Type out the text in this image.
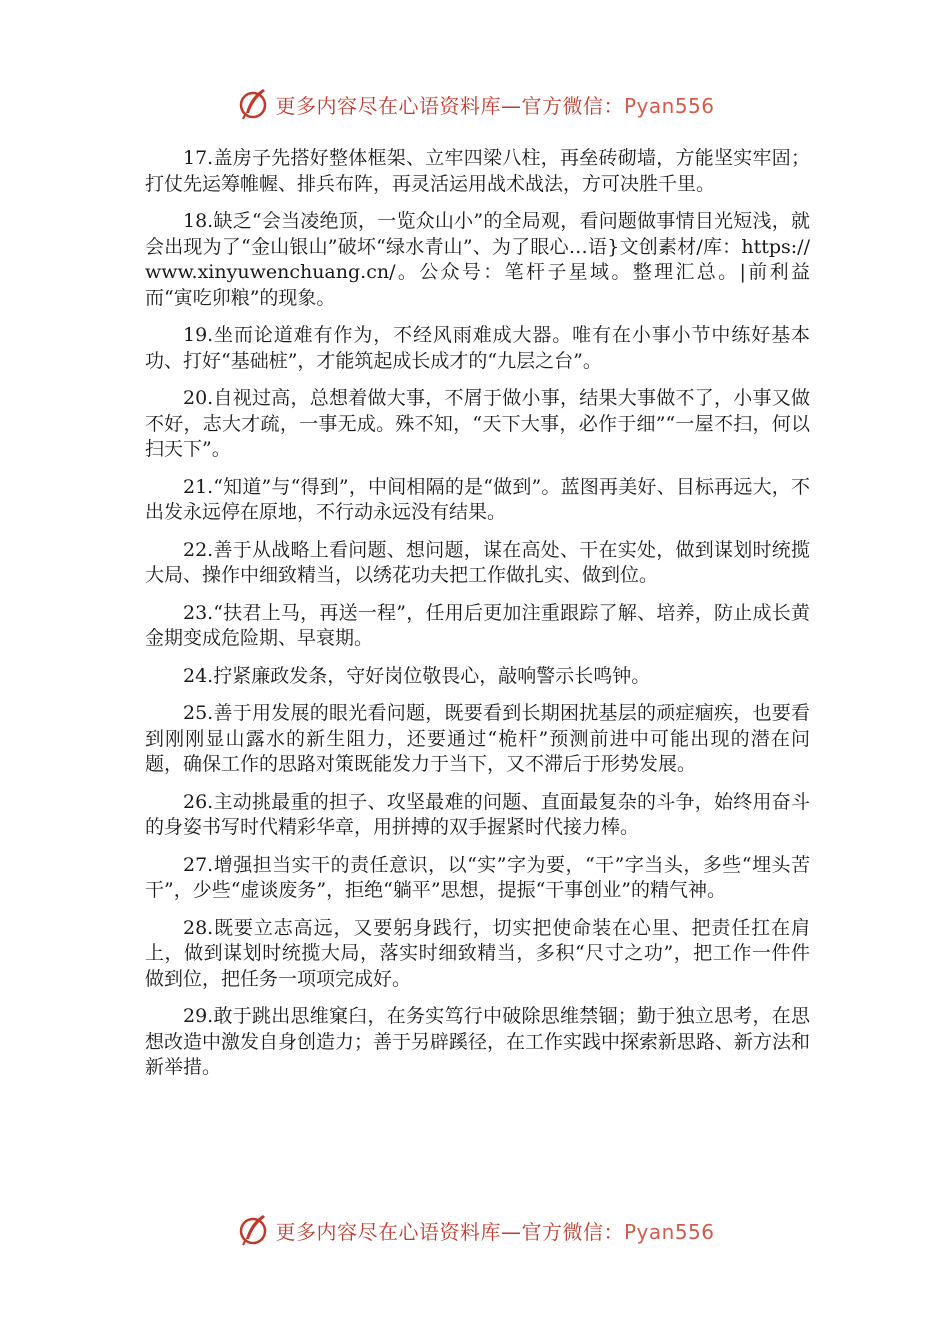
更多内容尽在心语资料库—官方微信：Pyan556

17.盖房子先搭好整体框架、立牢四梁八柱，再垒砖砌墙，方能坚实牢固；打仗先运筹帷幄、排兵布阵，再灵活运用战术战法，方可决胜千里。

18.缺乏“会当凌绝顶，一览众山小”的全局观，看问题做事情目光短浅，就会出现为了“金山银山”破坏“绿水青山”、为了眼心…语}文创素材/库：https://www.xinyuwenchuang.cn/。公众号：笔杆子星域。整理汇总。|前利益而“寅吃卯粮”的现象。

19.坐而论道难有作为，不经风雨难成大器。唯有在小事小节中练好基本功、打好“基础桩”，才能筑起成长成才的“九层之台”。

20.自视过高，总想着做大事，不屑于做小事，结果大事做不了，小事又做不好，志大才疏，一事无成。殊不知，“天下大事，必作于细”“一屋不扫，何以扫天下”。

21.“知道”与“得到”，中间相隔的是“做到”。蓝图再美好、目标再远大，不出发永远停在原地，不行动永远没有结果。

22.善于从战略上看问题、想问题，谋在高处、干在实处，做到谋划时统揽大局、操作中细致精当，以绣花功夫把工作做扎实、做到位。

23.“扶君上马，再送一程”，任用后更加注重跟踪了解、培养，防止成长黄金期变成危险期、早衰期。

24.拧紧廉政发条，守好岗位敬畏心，敲响警示长鸣钟。

25.善于用发展的眼光看问题，既要看到长期困扰基层的顽症痼疾，也要看到刚刚显山露水的新生阻力，还要通过“桅杆”预测前进中可能出现的潜在问题，确保工作的思路对策既能发力于当下，又不滞后于形势发展。

26.主动挑最重的担子、攻坚最难的问题、直面最复杂的斗争，始终用奋斗的身姿书写时代精彩华章，用拼搏的双手握紧时代接力棒。

27.增强担当实干的责任意识，以“实”字为要，“干”字当头，多些“埋头苦干”，少些“虚谈废务”，拒绝“躺平”思想，提振“干事创业”的精气神。

28.既要立志高远，又要躬身践行，切实把使命装在心里、把责任扛在肩上，做到谋划时统揽大局，落实时细致精当，多积“尺寸之功”，把工作一件件做到位，把任务一项项完成好。

29.敢于跳出思维窠臼，在务实笃行中破除思维禁锢；勤于独立思考，在思想改造中激发自身创造力；善于另辟蹊径，在工作实践中探索新思路、新方法和新举措。

更多内容尽在心语资料库—官方微信：Pyan556
